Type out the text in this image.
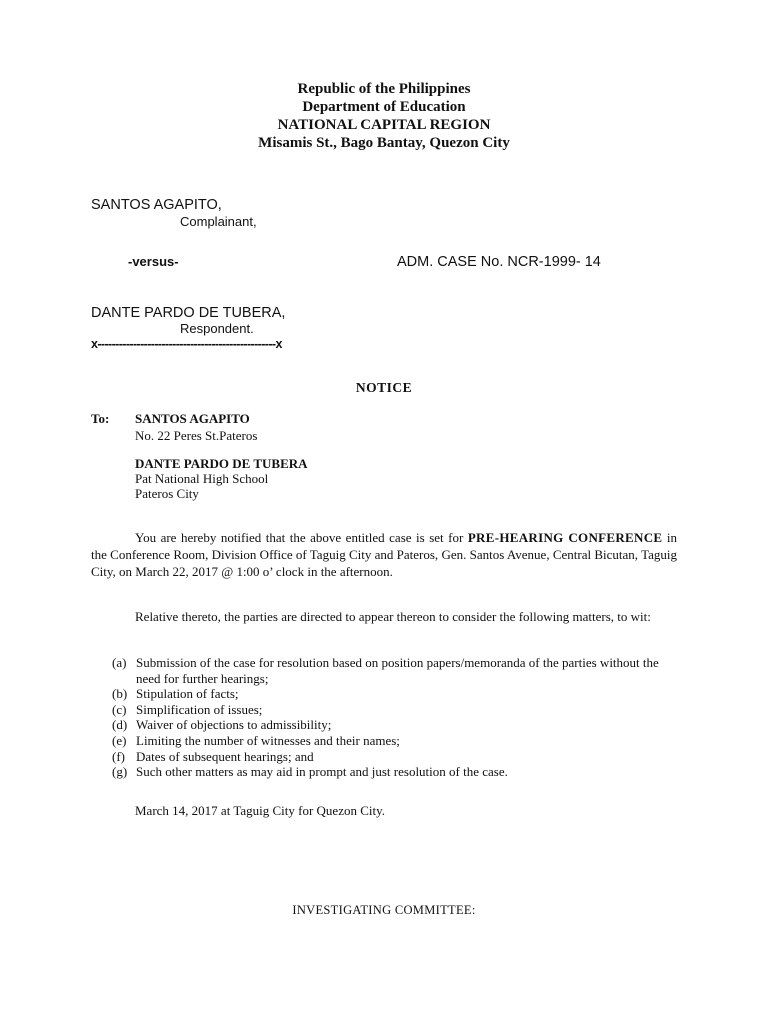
Republic of the Philippines
Department of Education
NATIONAL CAPITAL REGION
Misamis St., Bago Bantay, Quezon City
SANTOS AGAPITO,
Complainant,
-versus-	ADM. CASE No. NCR-1999- 14
DANTE PARDO DE TUBERA,
Respondent.
x--------------------------------------------------x
NOTICE
To: SANTOS AGAPITO
No. 22 Peres St.Pateros
DANTE PARDO DE TUBERA
Pat National High School
Pateros City
You are hereby notified that the above entitled case is set for PRE-HEARING CONFERENCE in the Conference Room, Division Office of Taguig City and Pateros, Gen. Santos Avenue, Central Bicutan, Taguig City, on March 22, 2017 @ 1:00 o’ clock in the afternoon.
Relative thereto, the parties are directed to appear thereon to consider the following matters, to wit:
(a) Submission of the case for resolution based on position papers/memoranda of the parties without the need for further hearings;
(b) Stipulation of facts;
(c) Simplification of issues;
(d) Waiver of objections to admissibility;
(e) Limiting the number of witnesses and their names;
(f) Dates of subsequent hearings; and
(g) Such other matters as may aid in prompt and just resolution of the case.
March 14, 2017 at Taguig City for Quezon City.
INVESTIGATING COMMITTEE:
